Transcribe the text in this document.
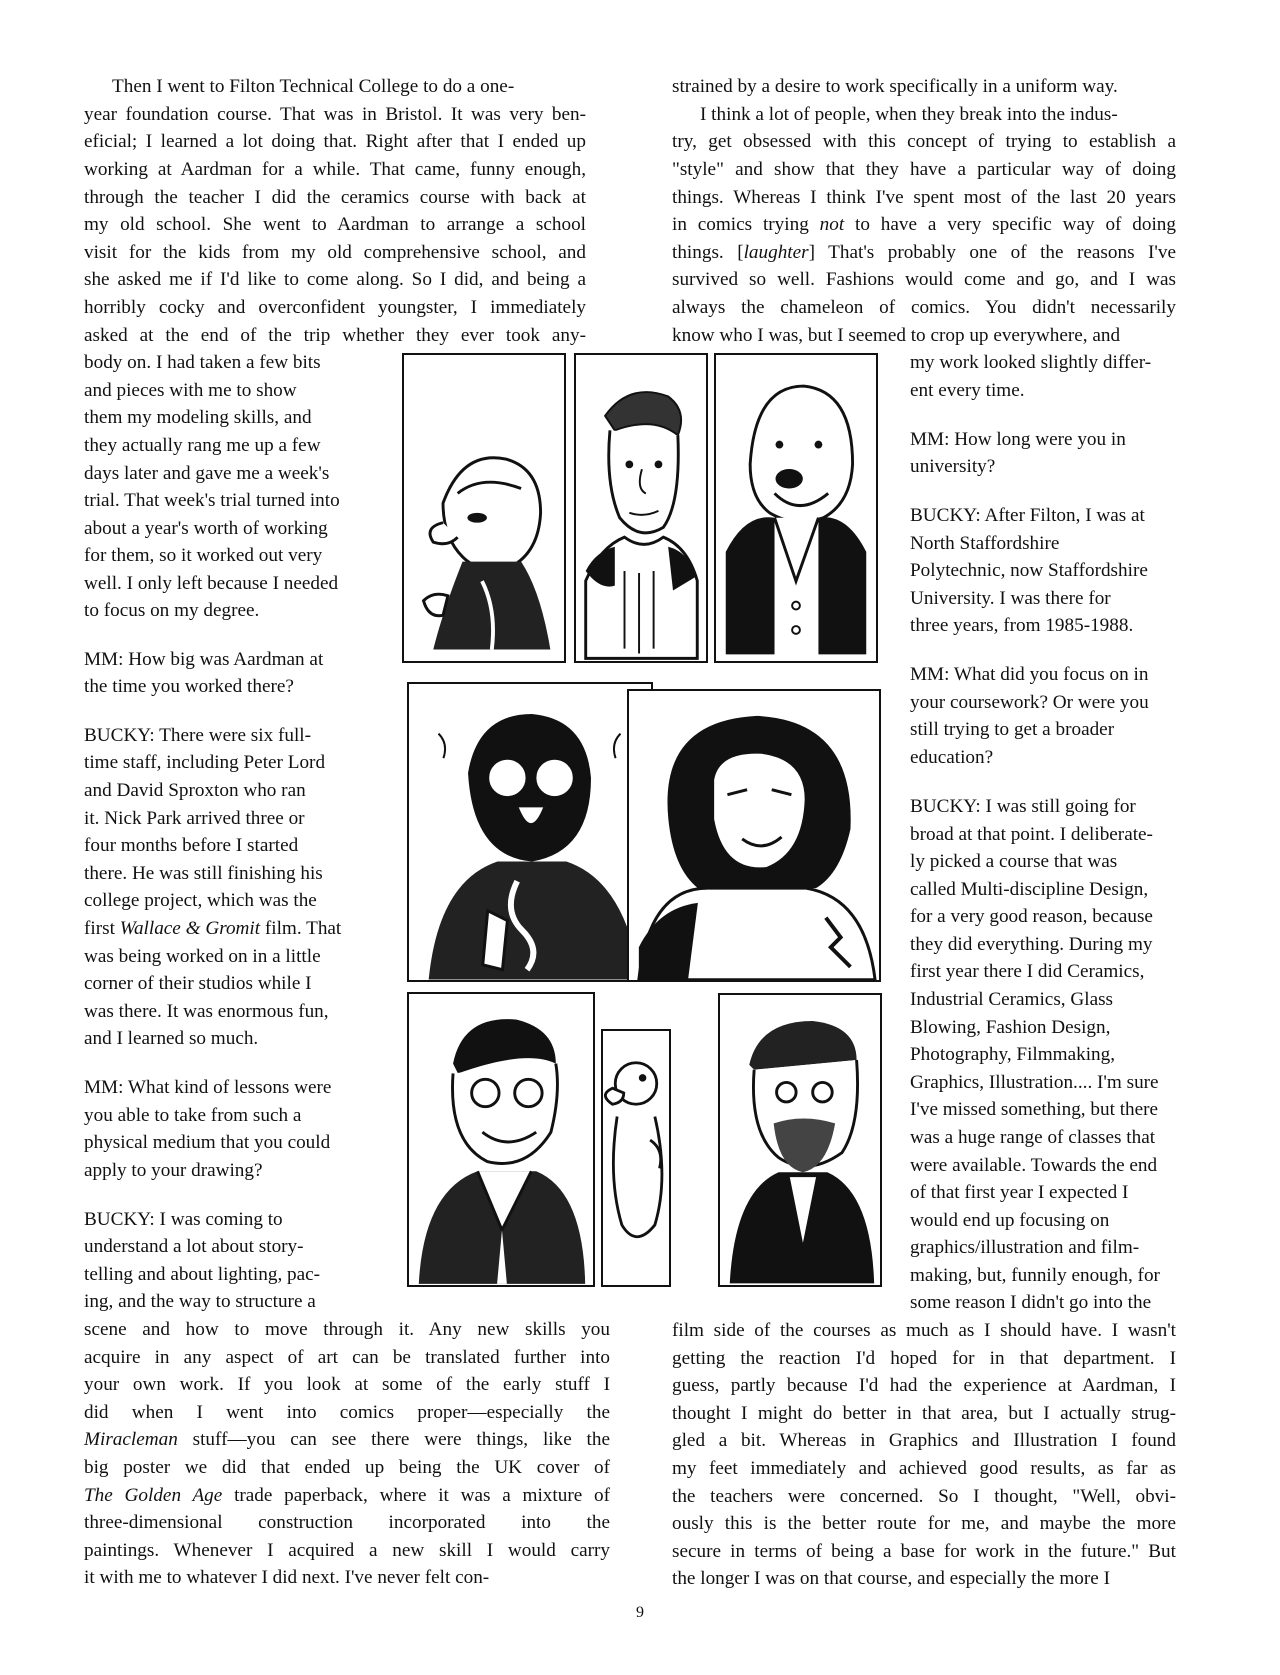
Then I went to Filton Technical College to do a one-

year foundation course. That was in Bristol. It was very ben-

eficial; I learned a lot doing that. Right after that I ended up

working at Aardman for a while. That came, funny enough,

through the teacher I did the ceramics course with back at

my old school. She went to Aardman to arrange a school

visit for the kids from my old comprehensive school, and

she asked me if I'd like to come along. So I did, and being a

horribly cocky and overconfident youngster, I immediately

asked at the end of the trip whether they ever took any-

body on. I had taken a few bits

and pieces with me to show

them my modeling skills, and

they actually rang me up a few

days later and gave me a week's

trial. That week's trial turned into

about a year's worth of working

for them, so it worked out very

well. I only left because I needed

to focus on my degree.

MM: How big was Aardman at

the time you worked there?

BUCKY: There were six full-

time staff, including Peter Lord

and David Sproxton who ran

it. Nick Park arrived three or

four months before I started

there. He was still finishing his

college project, which was the

first Wallace & Gromit film. That

was being worked on in a little

corner of their studios while I

was there. It was enormous fun,

and I learned so much.

MM: What kind of lessons were

you able to take from such a

physical medium that you could

apply to your drawing?

BUCKY: I was coming to

understand a lot about story-

telling and about lighting, pac-

ing, and the way to structure a

scene and how to move through it. Any new skills you

acquire in any aspect of art can be translated further into

your own work. If you look at some of the early stuff I

did when I went into comics proper—especially the

Miracleman stuff—you can see there were things, like the

big poster we did that ended up being the UK cover of

The Golden Age trade paperback, where it was a mixture of

three-dimensional construction incorporated into the

paintings. Whenever I acquired a new skill I would carry

it with me to whatever I did next. I've never felt con-

strained by a desire to work specifically in a uniform way.

I think a lot of people, when they break into the indus-

try, get obsessed with this concept of trying to establish a

"style" and show that they have a particular way of doing

things. Whereas I think I've spent most of the last 20 years

in comics trying not to have a very specific way of doing

things. [laughter] That's probably one of the reasons I've

survived so well. Fashions would come and go, and I was

always the chameleon of comics. You didn't necessarily

know who I was, but I seemed to crop up everywhere, and

my work looked slightly differ-

ent every time.

MM: How long were you in

university?

BUCKY: After Filton, I was at

North Staffordshire

Polytechnic, now Staffordshire

University. I was there for

three years, from 1985-1988.

MM: What did you focus on in

your coursework? Or were you

still trying to get a broader

education?

BUCKY: I was still going for

broad at that point. I deliberate-

ly picked a course that was

called Multi-discipline Design,

for a very good reason, because

they did everything. During my

first year there I did Ceramics,

Industrial Ceramics, Glass

Blowing, Fashion Design,

Photography, Filmmaking,

Graphics, Illustration.... I'm sure

I've missed something, but there

was a huge range of classes that

were available. Towards the end

of that first year I expected I

would end up focusing on

graphics/illustration and film-

making, but, funnily enough, for

some reason I didn't go into the

film side of the courses as much as I should have. I wasn't

getting the reaction I'd hoped for in that department. I

guess, partly because I'd had the experience at Aardman, I

thought I might do better in that area, but I actually strug-

gled a bit. Whereas in Graphics and Illustration I found

my feet immediately and achieved good results, as far as

the teachers were concerned. So I thought, "Well, obvi-

ously this is the better route for me, and maybe the more

secure in terms of being a base for work in the future." But

the longer I was on that course, and especially the more I

9
